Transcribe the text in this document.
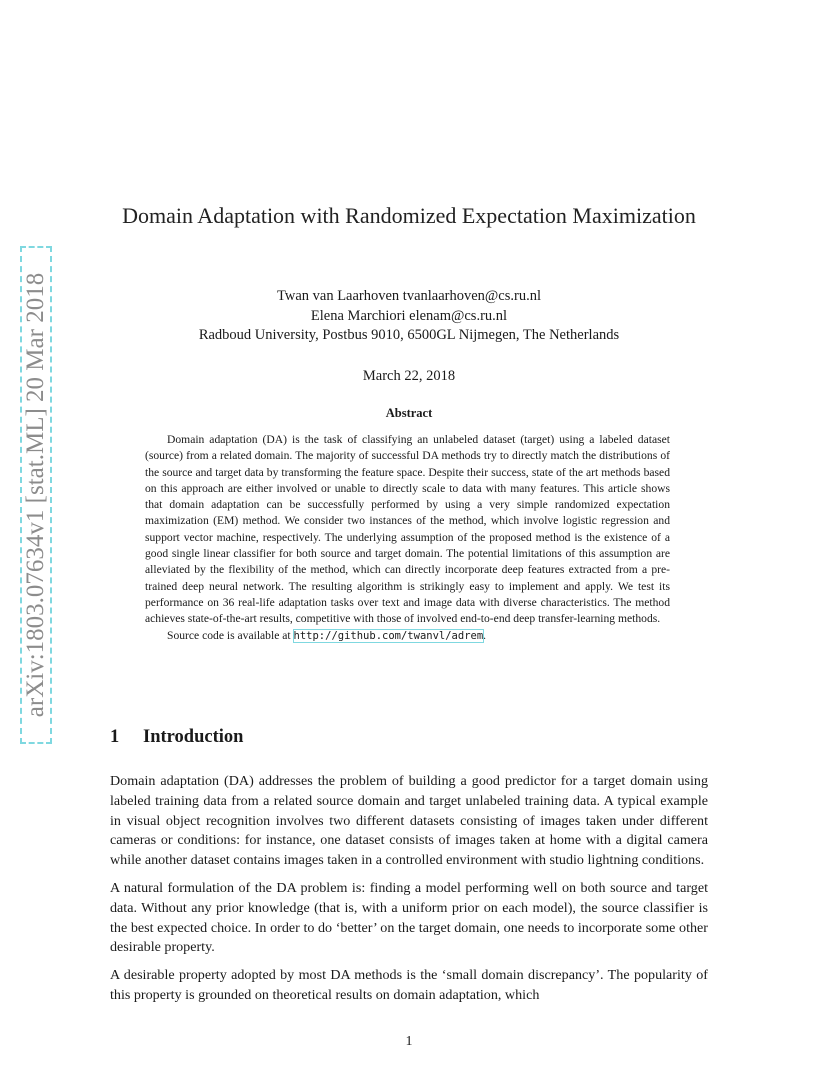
arXiv:1803.07634v1 [stat.ML] 20 Mar 2018
Domain Adaptation with Randomized Expectation Maximization
Twan van Laarhoven tvanlaarhoven@cs.ru.nl
Elena Marchiori elenam@cs.ru.nl
Radboud University, Postbus 9010, 6500GL Nijmegen, The Netherlands
March 22, 2018
Abstract

Domain adaptation (DA) is the task of classifying an unlabeled dataset (target) using a labeled dataset (source) from a related domain. The majority of successful DA methods try to directly match the distributions of the source and target data by transforming the feature space. Despite their success, state of the art methods based on this approach are either involved or unable to directly scale to data with many features. This article shows that domain adaptation can be successfully performed by using a very simple randomized expectation maximization (EM) method. We consider two instances of the method, which involve logistic regression and support vector machine, respectively. The underlying assumption of the proposed method is the existence of a good single linear classifier for both source and target domain. The potential limitations of this assumption are alleviated by the flexibility of the method, which can directly incorporate deep features extracted from a pre-trained deep neural network. The resulting algorithm is strikingly easy to implement and apply. We test its performance on 36 real-life adaptation tasks over text and image data with diverse characteristics. The method achieves state-of-the-art results, competitive with those of involved end-to-end deep transfer-learning methods.

Source code is available at http://github.com/twanvl/adrem.

1 Introduction

Domain adaptation (DA) addresses the problem of building a good predictor for a target domain using labeled training data from a related source domain and target unlabeled training data. A typical example in visual object recognition involves two different datasets consisting of images taken under different cameras or conditions: for instance, one dataset consists of images taken at home with a digital camera while another dataset contains images taken in a controlled environment with studio lightning conditions.

A natural formulation of the DA problem is: finding a model performing well on both source and target data. Without any prior knowledge (that is, with a uniform prior on each model), the source classifier is the best expected choice. In order to do ‘better’ on the target domain, one needs to incorporate some other desirable property.

A desirable property adopted by most DA methods is the ‘small domain discrepancy’. The popularity of this property is grounded on theoretical results on domain adaptation, which

1
